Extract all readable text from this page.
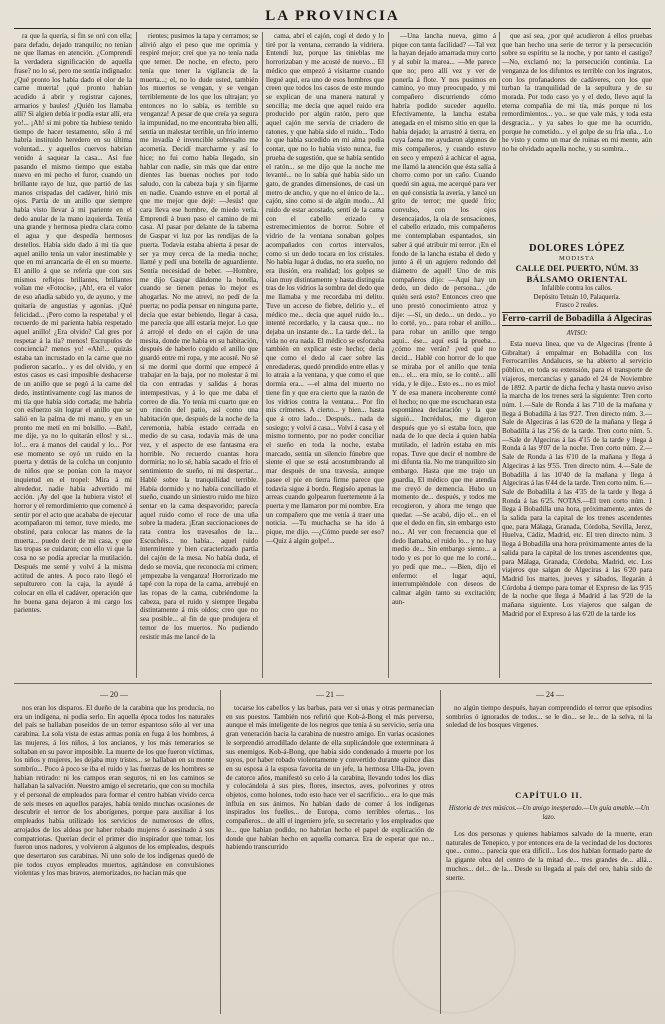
LA PROVINCIA

ra que la quería, si fin se oró con ella; para defado, dejado tranquilo; no tenían ne que llamas en atención. ¿Comprendí la verdadera significación de aquella frase? no lo sé, pero me sentía indignado: ¿Qué pronto los había dado el olor de la carne muerta! ¡qué pronto habían acudido á abrir y registrar cajones, armarios y baules! ¿Quién los llamaba allí? Si algien debía ir podía estar allí, era yo!... ¡Ah! si mi pobre tía hubiese tenido tiempo de hacer testamento, sólo á mí habría instituido heredero en su última voluntad... y aquellos cuervos habrían venido á saquear la casa... Así fue pasando el mismo tiempo que estaba nuevo en mi pecho el furor, cuando un brillante rayo de luz, que partió de las manos crispadas del cadáver, hirió mis ojos. Partía de un anillo que siempre había visto llevar á mi pariente en el dedo anular de la mano izquierda. Tenía una grande y hermosa piedra clara como el agua y que despedía hermosos destellos. Había sido dado á mi tía que aquel anillo tenía un valor inestimable y que en mí arrancaría de él en su muerte. El anillo á que se refería que con sus mismos reflejos brillantes, brillantes volían me «Fotocis», ¡Ah!, era el valor de eso añadía sabido yo, de ayuno, y me quitaría de angustias y agonías. ¡Qué felicidad... ¡Pero como la respetaba! y el recuerdo de mi parienta había respetado aquel anillo! ¿Era olvido? Cal gres por respetar á la tía? menos! Escrupulos de conciencia? menos yo! «Ahí!... quizás estaba tan incrustado en la carne que no pudieron sacarlo... y es del olvido, y en estos casos es casi imposible deshacerse de un anillo que se pegó á la carne del dedo, instintivamente cogí las manos de mi tía que había sido cortada; me habría con esfuerzo sin lograr el anillo que se salió en la palma de mi mano, y en un pronto me metí en mi bolsillo. —Bah!, me dije, ya no lo quitarán ellos! y si... lo!... era á manos del caudal y lo... Por ese momento se oyó un ruido en la puerta y detrás de la colcha un conjunto de niños que se ponían con la mayor inquietud en el tropel: Mira á mi alrededor, nadie había advertido mi acción. ¡Ay del que la hubiera visto! el horror y el remordimiento que comencé á sentir por el acto que acababa de ejecutar acompañaron mi temor, tuve miedo, me obstiné, para colocar las manos de la muerta... puedo decir de mi casa, y que las tropas se cuidaron; con ello vi que la cosa no se podía apreciar la mutilación. Después me senté y volví á la misma actitud de antes. A poco rato llegó el sepulturero con la caja, la ayudé á colocar en ella el cadáver, operación que he buena gana dejaron á mi cargo los parientes.

rientes; pusimos la tapa y cerramos; se alivió algo el peso que me oprimía y respiré mejor; creí que ya no tenía nada que temer. De noche, en efecto, pero tenía que tener la vigilancia de la muerta...; el, no lo dude usted, también los muertos se vengan, y se vengan terriblemente de los que los ultrajan; yo entonces no lo sabía, es terrible su venganza! A pesar de que creía ya segura la impunidad, no me encontraba bien allí, sentía un malestar terrible, un frío interno me invadía é invencible sobresalto me acometía. Decidí marcharme y así lo hice; no fui como había llegado, sin hablar con nadie, sin más que dar entre dientes las buenas noches por todo saludo, con la cabeza baja y sin fijarme en nadie. Cuando estuve en el portal al que me mejor que dejé: —Jesús! que cara lleva ese hombre, de miedo verla. Emprendí á buen paso el camino de mi casa. Al pasar por delante de la taberna de Gaspar vi luz por las rendijas de la puerta. Todavía estaba abierta á pesar de ser ya muy cerca de la media noche; llamé y pedí una botella de aguardiente. Sentía necesidad de beber. —Hombre, me dijo Gaspar dándome la botella, cuando se tienen penas lo mejor es ahogarlas. No me atreví, no pedí de la puerta; no podía pensar en ninguna parte, decía que estar bebiendo, llegar á casa, me parecía que allí estaría mejor. Lo que á arrojé el dedo en el cajón de una mesita, donde me había en su habitación, después de haberlo cogido el anillo que guardó entre mi ropa, y me acosté. No sé si me dormí que dormí que empecé á trabajar en la baja, por no molestar á mi tía con entradas y salidas á horas intempestivas, y á lo que me daba el correo de día. Yo tenía mi cuarto que en un rincón del patio, así como una habitación que, después de la noche de la ceremonia, había estado cerrada en medio de su casa, todavía más de una vez, y el aspecto de ese fantasma era horrible. No recuerdo cuantas hora dormiría; no lo sé, había sacado el frío el sentimiento de sueño, ni mi despertar... Hablé sobre la tranquilidad terrible. Había dormido y no había conciliado el sueño, cuando un siniestro ruido me hizo sentar en la cama despavorido; parecía aquel ruido como el roce de una uña sobre la madera. ¡Eran succionaciones de rata contra los travesaños de la... Escuchéis... no había... aquel ruido intermitente y bien caracterizado partía del cajón de la mesa. No había duda, el dedo se movía, que reconocía mi crimen; ¡empezaba la venganza! Horrorizado me tapé con la ropa de la cama, arrebujé en las ropas de la cama, cubriéndome la cabeza, para el ruido y siempre llegaba distintamente á mis oídos; creo que no sea posible... al fin de que produjera el temor de los muertos. No pudiendo resistir más me lancé de la

cama, abrí el cajón, cogí el dedo y lo tiré por la ventana, cerrando la vidriera. Entendí luz, porque las tinieblas me horrorizaban y me acosté de nuevo... El médico que empezó á visitarme cuando llegué aquí, era uno de esos hombres que creen que todos los casos de este mundo se explican de una manera natural y sencilla; me decía que aquel ruido era producido por algún ratón, pero que aquel cajón me servía de criadero de ratones, y que había sido el ruido... Todo lo que había sucedido en mi alma podía contar, que no lo había visto nunca, fue prueba de sugestión, que se había sentido el ratón... se me dijo que la noche me levanté... no lo sabía qué había sido un gato, de grandes dimensiones, de casi un metro de ancho, y que no el único de la... cajón, sino como si de algún modo... Al ruido de estar acostado, sentí de la cama con el cabello erizado y estremecimientos de horror. Sobre el vidrio de la ventana sonaban golpes acompañados con cortos intervalos, como si un dedo tocara en los cristales. No había lugar á dudas, no era sueño, no era ilusión, era realidad; los golpes se oían muy distintamente y hasta distinguía tras de los vidrios la sombra del dedo que me llamaba y me recordaba mi delito. Tuve un acceso de fiebre, delirio y... el médico me... decía que aquel ruido lo... intenté recordarlo, y la causa que... no dejaba un instante de... La tarde del... la vida no era nada. El médico se esforzaba también en explicar este hecho; decía que como el dedo al caer sobre las enredaderas, quedó prendido entre ellas y lo atraía a la ventana, y que como el que dormía era... —el alma del muerto no tiene fin y que era cierto que la razón de los vidrios contra la ventana... Por fin mis crímenes. A cierto... y bien... hasta que á otro lado... Después... nada de sosiego; y volví á casa... Volví á casa y el mismo tormento, por no poder conciliar el sueño en toda la noche, estaba marcado, sentía un silencio fúnebre que siente el que se está acostumbrando al mar después de una travesía, aunque pasee el pie en tierra firme parece que todavía sigue á bordo. Regiséo apenas la arreas cuando golpearon fuertemente á la puerta y me llamaron por mi nombre. Era un compañero que me venía á traer una noticia. —Tu muchacha se ha ido á pique, me dijo. —¿Cómo puede ser eso? —Quiz á algún golpe!...

—Una lancha nueva, gimo á pique con tanta facilidad? —Tal vez la hayan dejado amarrada muy corto y al subir la marea... —Me parece que no; pero allí vez y ver de ponerla á flote. Y nos pusimos en camino, yo muy preocupado, y mi compañero discurriendo cómo habría podido suceder aquello. Efectivamente, la lancha estaba anegada en el mismo sitio en que la había dejado; la arrastré á tierra, en cuya faena me ayudaron algunos de mis compañeros, y cuando estuvo en seco y empezó á achicar el agua, me llamó la atención que ésta salía á chorro como por un caño. Cuando quedó sin agua, me acerqué para ver en qué consistía la avería, y lancé un grito de terror; me quedé frío; convulso, con los ojos desencajados, la ola de sensaciones, el cabello erizado, mis compañeros me contemplaban espantados, sin saber á qué atribuir mi terror. ¡En el fondo de la lancha estaba el dedo y junto á él un agujero redondo del diámetro de aquél! Uno de mis compañeros dijo: —Aquí hay un dedo, un dedo de persona... ¿de quién será esto? Entonces creo que uno prestó conocimiento atroz y dije: —Sí, un dedo... un dedo... yo lo corté, yo... para robar el anillo... para robar un anillo que tengo aquí... ése... aquí está la prueba... ¿cómo me verán? ¡ved qué no decid... Hablé con horror de lo que se miraba por el anillo que tenía en... el... era mío, se lo conté... allí vida, y le dije... Esto es... no es mío! Y de esa manera incoherente conté el hecho; no que me escucharan esta espontánea declaración y la que siguió... Incrédulos, me digeron después que yo sí estaba loco, que nada de lo que decía á quien había mutilado, el ladrón estaba en mis ropas. Tuve que decir el nombre de mi difunta tía. No me tranquilizo sin embargo. Hasta que me trajo un guardia, El médico que me atendía me creyó de demencia. Hubo un momento de... después, y todos me recogieron, y ahora me tengo que quedar. —Se acabó, dijo el... en el que el dedo en fin, sin embargo esto no... Al ver con frecuencia que el dedo llamaba, el ruido lo... y no hay medio de... Sin embargo siento... a todo y es por lo que me lo corté... yo pedí que me... —Bien, dijo el enfermo: el lugar aquí, interrumpiéndole con deseos de calmar algún tanto su excitación; aun-

que así sea, ¿por qué acudieron á ellos pruebas que han hecho una serie de terror y la persecución sobre su espíritu se la noche, y por tanto el castigo? —No, exclamó no; la persecución continúa. La venganza de los difuntos es terrible con los ingratos, con los profanadores de cadáveres, con los que turban la tranquilidad de la sepultura y de su morada. Por todo caso yo y el dedo, llevo aquí la eterna compañía de mi tía, más porque ni los remordimientos... yo... se que vale más, y toda esta desgracia... y ya sabes lo que me ha ocurrido, porque he cometido... y el golpe de su fría uña... Lo he visto y como un mar de ruinas en mi mente, aún no he olvidado aquella noche, y su sombra...

DOLORES LÓPEZ
MODISTA
CALLE DEL PUERTO, NÚM. 33
BÁLSAMO ORIENTAL
Infalible contra los callos.
Depósito Tetuán 10, Palaquería.
Frasco 2 reales.
Ferro-carril de Bobadilla á Algeciras
AVISO:

Esta nueva línea, que va de Algeciras (frente á Gibraltar) á empalmar en Bobadilla con los Ferrocarriles Andaluces, se ha abierto al servicio público, en toda su extensión, para el transporte de viajeros, mercancías y ganado el 24 de Noviembre de 1892. A partir de dicha fecha y hasta nuevo aviso la marcha de los trenes será la siguiente: Tren corto núm. 1.—Sale de Ronda á las 7'10 de la mañana y llega á Bobadilla á las 9'27. Tren directo núm. 3.—Sale de Algeciras á las 6'20 de la mañana y llega á Bobadilla á las 2'56 de la tarde. Tren corto núm. 5.—Sale de Algeciras á las 4'15 de la tarde y llega á Ronda á las 9'07 de la noche. Tren corto núm. 2.—Sale de Ronda á las 6'10 de la mañana y llega á Algeciras á las 9'55. Tren directo núm. 4.—Sale de Bobadilla á las 10'40 de la mañana y llega á Algeciras á las 6'44 de la tarde. Tren corto núm. 6.—Sale de Bobadilla á las 4'35 de la tarde y llega á Ronda á las 6'25. NOTAS.—El tren corto núm. 1 llega á Bobadilla una hora, próximamente, antes de la salida para la capital de los trenes ascendentes que, para Málaga, Granada, Córdoba, Sevilla, Jerez, Huelva, Cádiz, Madrid, etc. El tren directo núm. 3 llega á Bobadilla una hora próximamente antes de la salida para la capital de los trenes ascendentes que, para Málaga, Granada, Córdoba, Madrid, etc. Los viajeros que salgan de Algeciras á las 6'20 para Madrid los martes, jueves y sábados, llegarán á Córdoba á tiempo para tomar el Expreso de las 9'35 de la noche que llega á Madrid á las 9'20 de la mañana siguiente. Los viajeros que salgan de Madrid por el Expreso á las 6'20 de la tarde los

— 20 —	— 21 —	— 24 —

nos eran los disparos. El dueño de la carabina que los producía, no era un indígena, ni podía serlo. En aquella época todos los naturales del país se hallaban poseídos de un terror espantoso sólo al ver una carabina. La sola vista de estas armas ponía en fuga á los hombres, á las mujeres, á los niños, á los ancianos, y los más temerarios se soltaban en su pavor imposible. La muerte de los que fueron víctimas, los niños y mujeres, les dejaba muy tristes... se hallaban en su monte sombrío... Poco á poco se iba el ruido y las fuerzas de los hombres se habían retirado: ni los campos eran seguros, ni en los caminos se hallaban la salvación. Nuestro amigo el secretario, que con su mochila y el personal de empleados para formar el centro habían vivido cerca de seis meses en aquellos parajes, había tenido muchas ocasiones de descubrir el terror de los aborígenes, porque para auxiliar á los empleados había utilizado los servicios de numerosos de ellos, arrojados de los aldeas por haber robado mujeres ó asesinado á sus compatriotas. Querían decir el primer dio inspirador que tomar, los fueron unos nadores, y volvieron á algunos de los empleados, después que desertaron sus carabinas. Ni uno solo de los indígenas quedó de pie todos cuyos empleados muertos, agitándose en convulsiones violentas y los mas bravos, atemorizados, no hacían más que

tocarse los cabellos y las barbas, para ver si unas y otras permanecían en sus puestos. También nos refirió que Kob-á-Bong el más perverso, aunque el más inteligente de los negros que tenía á su servicio, sería una gran veneración hacia la carabina de nuestro amigo. En varias ocasiones le sorprendió arrodillado delante de ella suplicándole que exterminara á sus enemigos. Kob-á-Bong, que había sido condenado á muerte por los suyos, por haber robado violentamente y convertido durante quince días en su esposa á la esposa favorita de un jefe, la hermosa Ulla-Da, joven de catorce años, manifestó su celo á la carabina, llevando todos los días y colocándola á sus pies, flores, insectos, aves, polvorines y otros objetos, como holones, todo esto hace ver el sacrificio... era lo que más influía en sus ánimos. No habían dado de comer á los indígenas inspirados los fuelles... de Europa, como terribles ofertas... los compañeros... de allí el ingeniero jefe, su secretario y los empleados que le... que habían podido, no habrían hecho el papel de explicación de donde que habían hecho en aquella comarca. Era de esperar que no... habiendo transcurrido

no algún tiempo después, hayan comprendido el terror que episodios sombríos ó ignorados de todos... se le dio... se le... de la selva, ni la soledad de los bosques vírgenes.

CAPÍTULO II.
Historia de tres músicos.—Un amigo inesperado.—Un guía amable.—Un lazo.

Los dos personas y quienes habíamos salvado de la muerte, eran naturales de Tenepico, y por entonces era de la vecindad de los doctores que... como... parecía que era difícil... Los dos habían formado parte de la gigante obra del centro de la mitad de... tres grandes de... allá... muchos... del... de la... Desde su llegada al país del oro, había sido de suerte.
